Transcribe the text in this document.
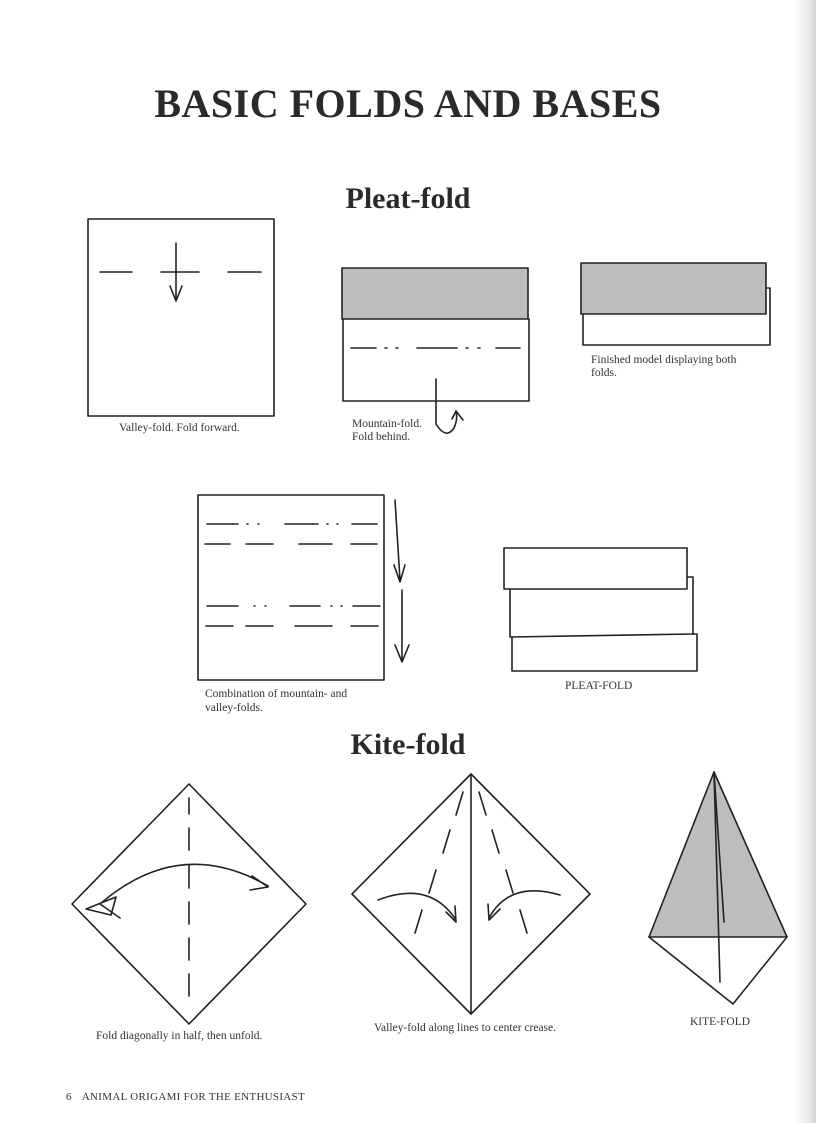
BASIC FOLDS AND BASES
Pleat-fold
Kite-fold
Valley-fold. Fold forward.	Mountain-fold.
Fold behind.
Finished model displaying both
folds.
Combination of mountain- and
valley-folds.
PLEAT-FOLD
Fold diagonally in half, then unfold.
Valley-fold along lines to center crease.	KITE-FOLD
6 ANIMAL ORIGAMI FOR THE ENTHUSIAST
